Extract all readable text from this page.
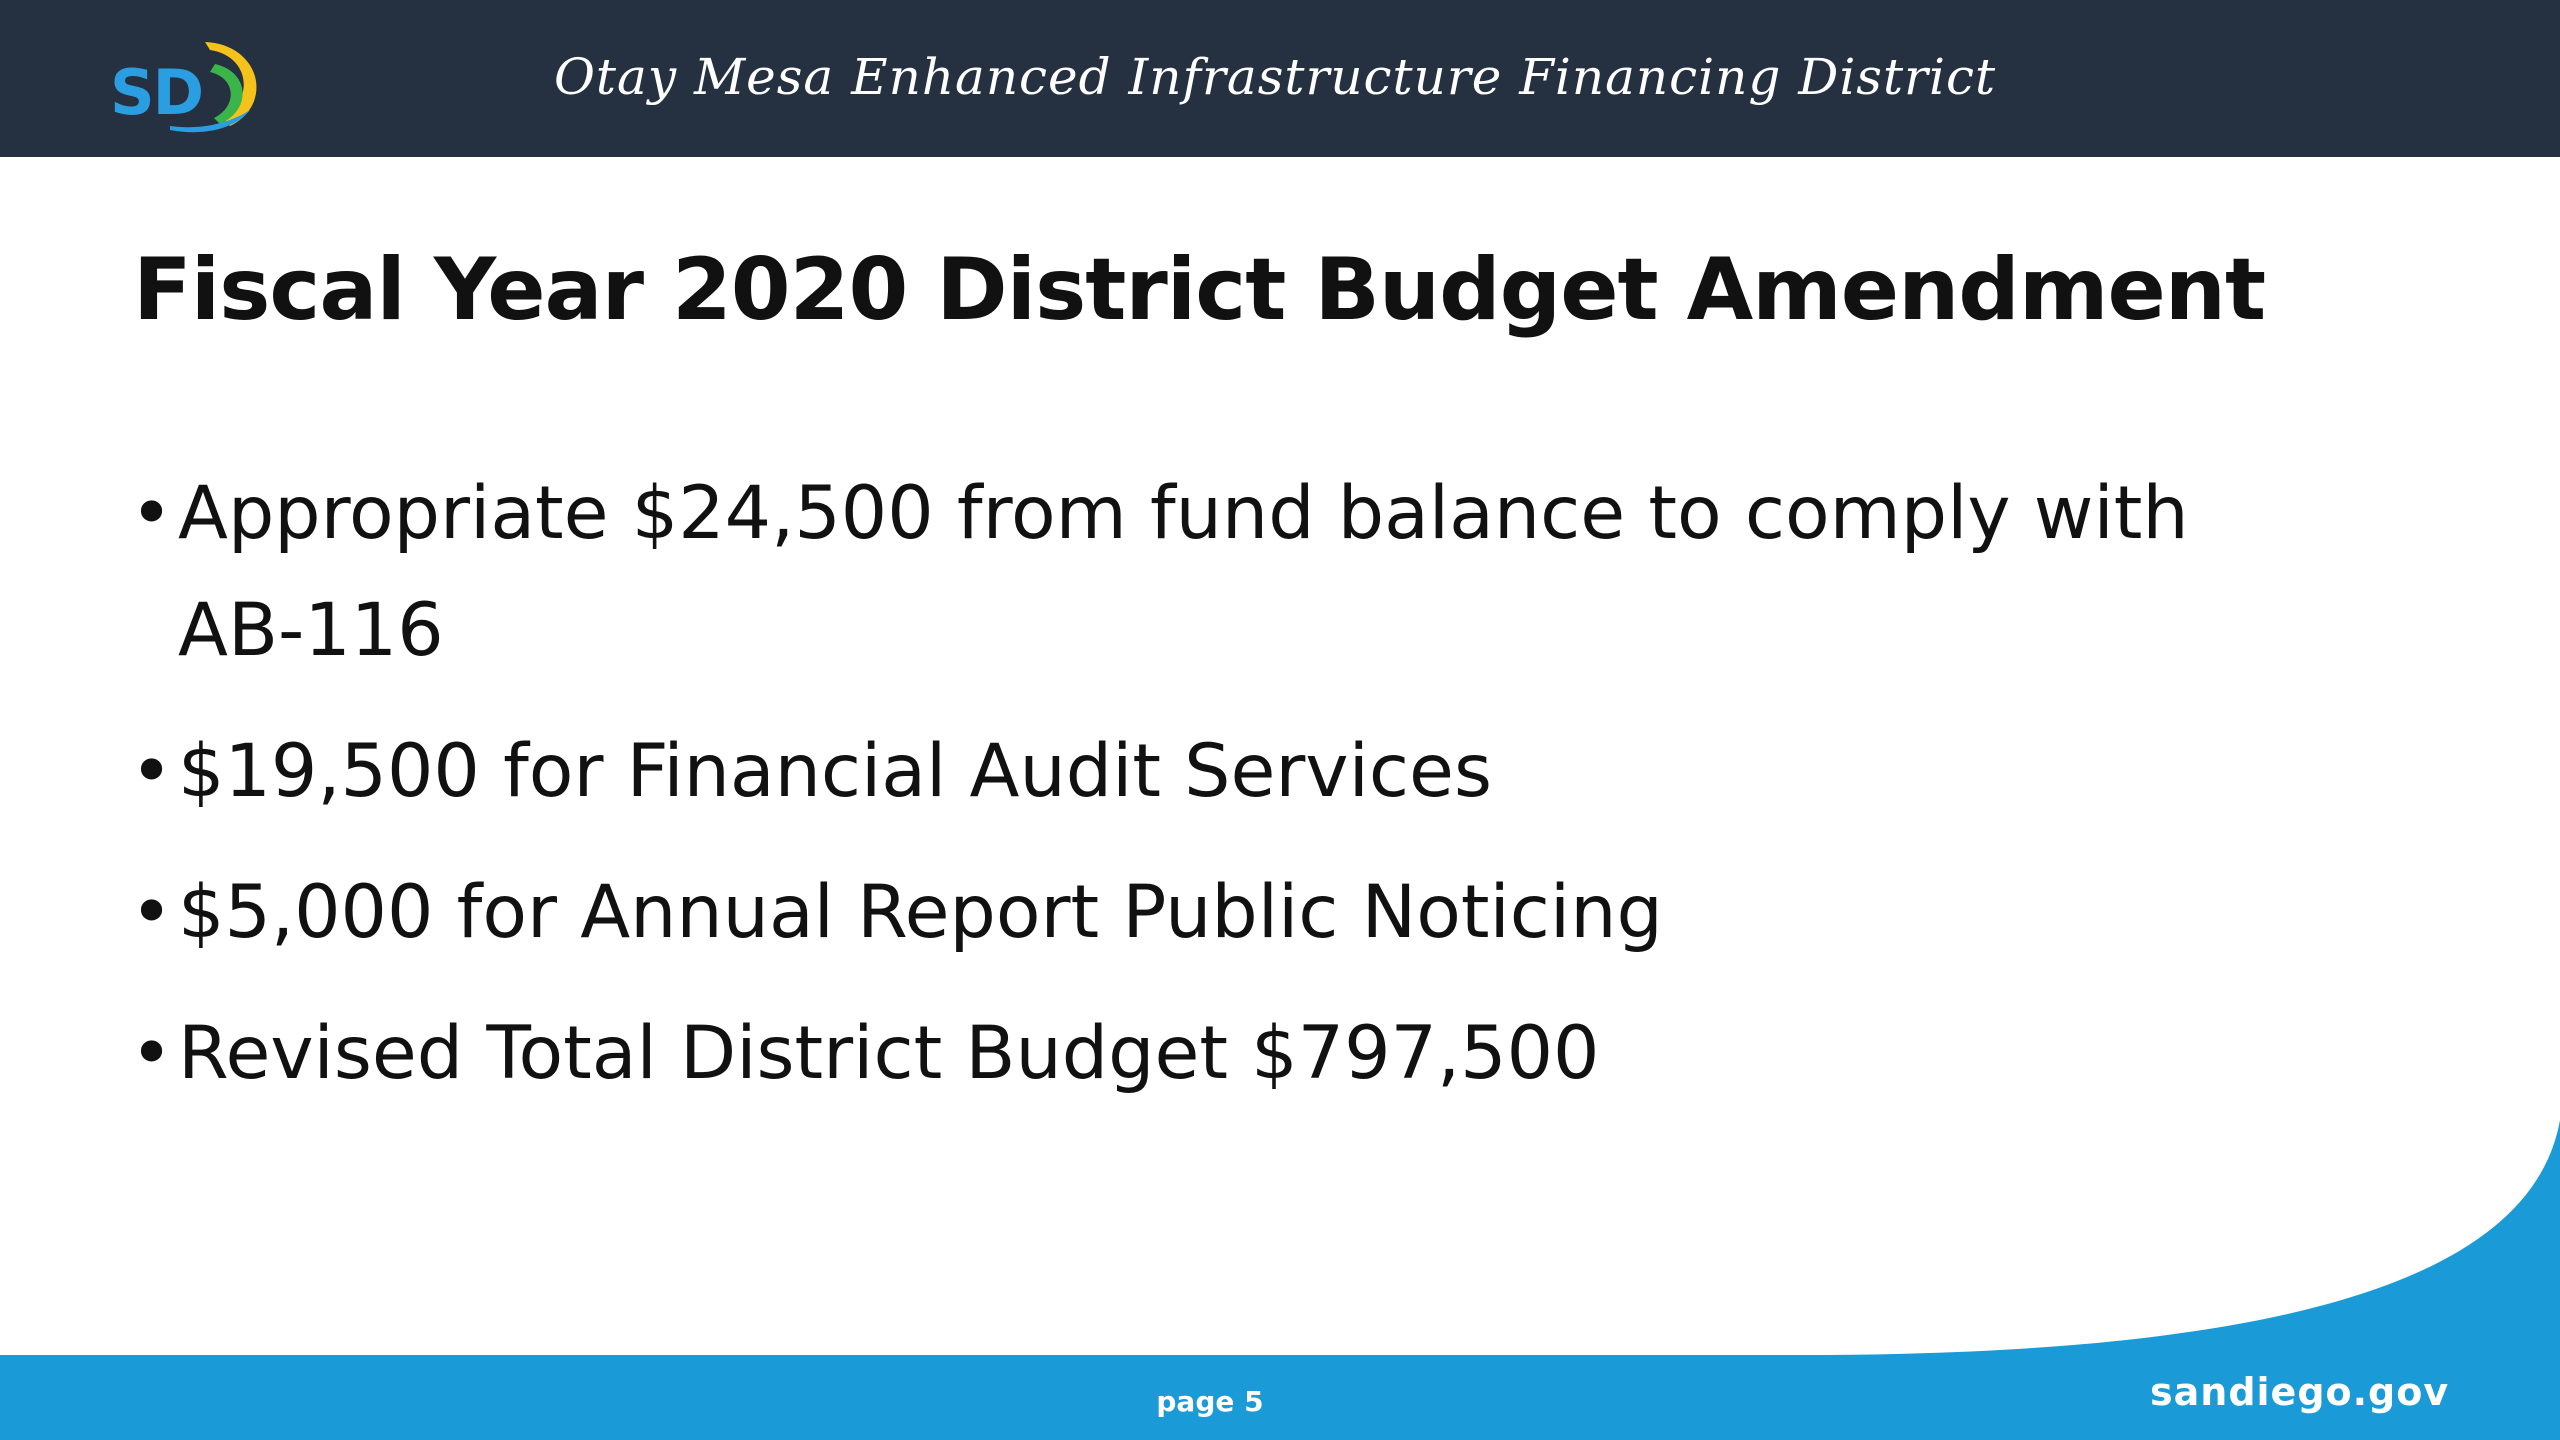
SD	Otay Mesa Enhanced Infrastructure Financing District
Fiscal Year 2020 District Budget Amendment
• Appropriate $24,500 from fund balance to comply with AB-116
• $19,500 for Financial Audit Services
• $5,000 for Annual Report Public Noticing
• Revised Total District Budget $797,500
page 5	sandiego.gov
